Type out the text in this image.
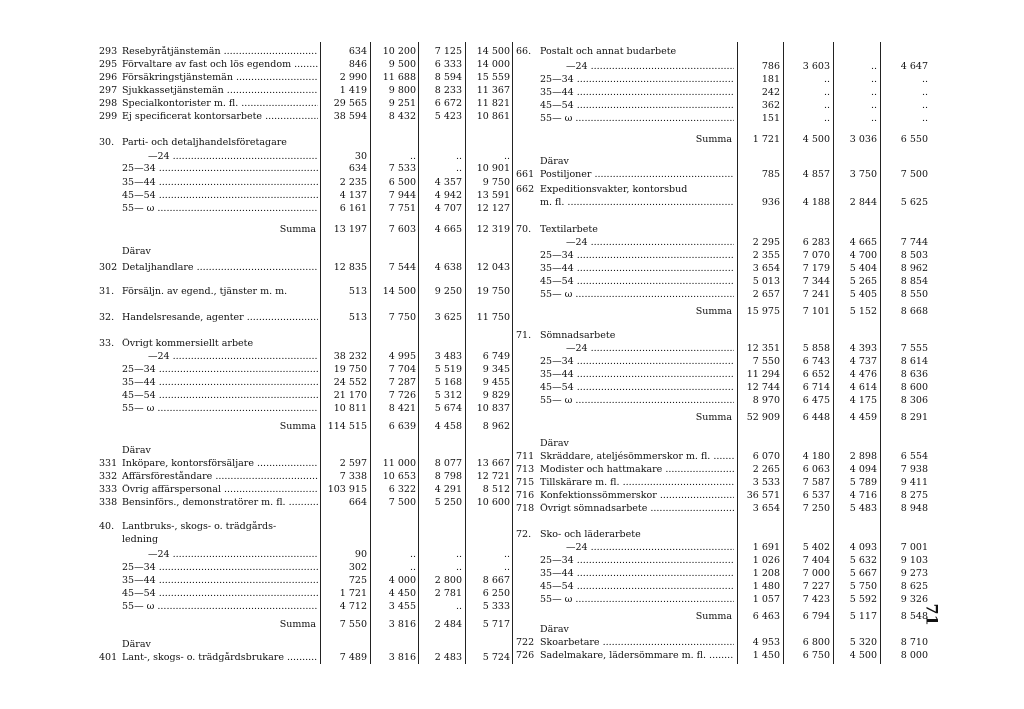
71
293 Resebyråtjänstemän .....	634	10 200	7 125	14 500
295 Förvaltare av fast och lös egendom .....	846	9 500	6 333	14 000
296 Försäkringstjänstemän .....	2 990	11 688	8 594	15 559
297 Sjukkassetjänstemän .....	1 419	9 800	8 233	11 367
298 Specialkontorister m. fl. .....	29 565	9 251	6 672	11 821
299 Ej specificerat kontorsarbete .....	38 594	8 432	5 423	10 861
30. Parti- och detaljhandelsföretagare
—24 .....	30	..	..	..
25—34 .....	634	7 533	..	10 901
35—44 .....	2 235	6 500	4 357	9 750
45—54 .....	4 137	7 944	4 942	13 591
55— ω .....	6 161	7 751	4 707	12 127
Summa	13 197	7 603	4 665	12 319
Därav
302 Detaljhandlare .....	12 835	7 544	4 638	12 043
31. Försäljn. av egend., tjänster m. m.	513	14 500	9 250	19 750
32. Handelsresande, agenter .....	513	7 750	3 625	11 750
33. Övrigt kommersiellt arbete
—24 .....	38 232	4 995	3 483	6 749
25—34 .....	19 750	7 704	5 519	9 345
35—44 .....	24 552	7 287	5 168	9 455
45—54 .....	21 170	7 726	5 312	9 829
55— ω .....	10 811	8 421	5 674	10 837
Summa	114 515	6 639	4 458	8 962
Därav
331 Inköpare, kontorsförsäljare .....	2 597	11 000	8 077	13 667
332 Affärsföreståndare .....	7 338	10 653	8 798	12 721
333 Övrig affärspersonal .....	103 915	6 322	4 291	8 512
338 Bensinförs., demonstratörer m. fl. .....	664	7 500	5 250	10 600
40. Lantbruks-, skogs- o. trädgårds-
ledning
—24 .....	90	..	..	..
25—34 .....	302	..	..	..
35—44 .....	725	4 000	2 800	8 667
45—54 .....	1 721	4 450	2 781	6 250
55— ω .....	4 712	3 455	..	5 333
Summa	7 550	3 816	2 484	5 717
Därav
401 Lant-, skogs- o. trädgårdsbrukare .....	7 489	3 816	2 483	5 724
66. Postalt och annat budarbete
—24 .....	786	3 603	..	4 647
25—34 .....	181	..	..	..
35—44 .....	242	..	..	..
45—54 .....	362	..	..	..
55— ω .....	151	..	..	..
Summa	1 721	4 500	3 036	6 550
Därav
661 Postiljoner .....	785	4 857	3 750	7 500
662 Expeditionsvakter, kontorsbud
m. fl. .....	936	4 188	2 844	5 625
70. Textilarbete
—24 .....	2 295	6 283	4 665	7 744
25—34 .....	2 355	7 070	4 700	8 503
35—44 .....	3 654	7 179	5 404	8 962
45—54 .....	5 013	7 344	5 265	8 854
55— ω .....	2 657	7 241	5 405	8 550
Summa	15 975	7 101	5 152	8 668
71. Sömnadsarbete
—24 .....	12 351	5 858	4 393	7 555
25—34 .....	7 550	6 743	4 737	8 614
35—44 .....	11 294	6 652	4 476	8 636
45—54 .....	12 744	6 714	4 614	8 600
55— ω .....	8 970	6 475	4 175	8 306
Summa	52 909	6 448	4 459	8 291
Därav
711 Skräddare, ateljésömmerskor m. fl. .....	6 070	4 180	2 898	6 554
713 Modister och hattmakare .....	2 265	6 063	4 094	7 938
715 Tillskärare m. fl. .....	3 533	7 587	5 789	9 411
716 Konfektionssömmerskor .....	36 571	6 537	4 716	8 275
718 Övrigt sömnadsarbete .....	3 654	7 250	5 483	8 948
72. Sko- och läderarbete
—24 .....	1 691	5 402	4 093	7 001
25—34 .....	1 026	7 404	5 632	9 103
35—44 .....	1 208	7 000	5 667	9 273
45—54 .....	1 480	7 227	5 750	8 625
55— ω .....	1 057	7 423	5 592	9 326
Summa	6 463	6 794	5 117	8 548
Därav
722 Skoarbetare .....	4 953	6 800	5 320	8 710
726 Sadelmakare, lädersömmare m. fl. .....	1 450	6 750	4 500	8 000
